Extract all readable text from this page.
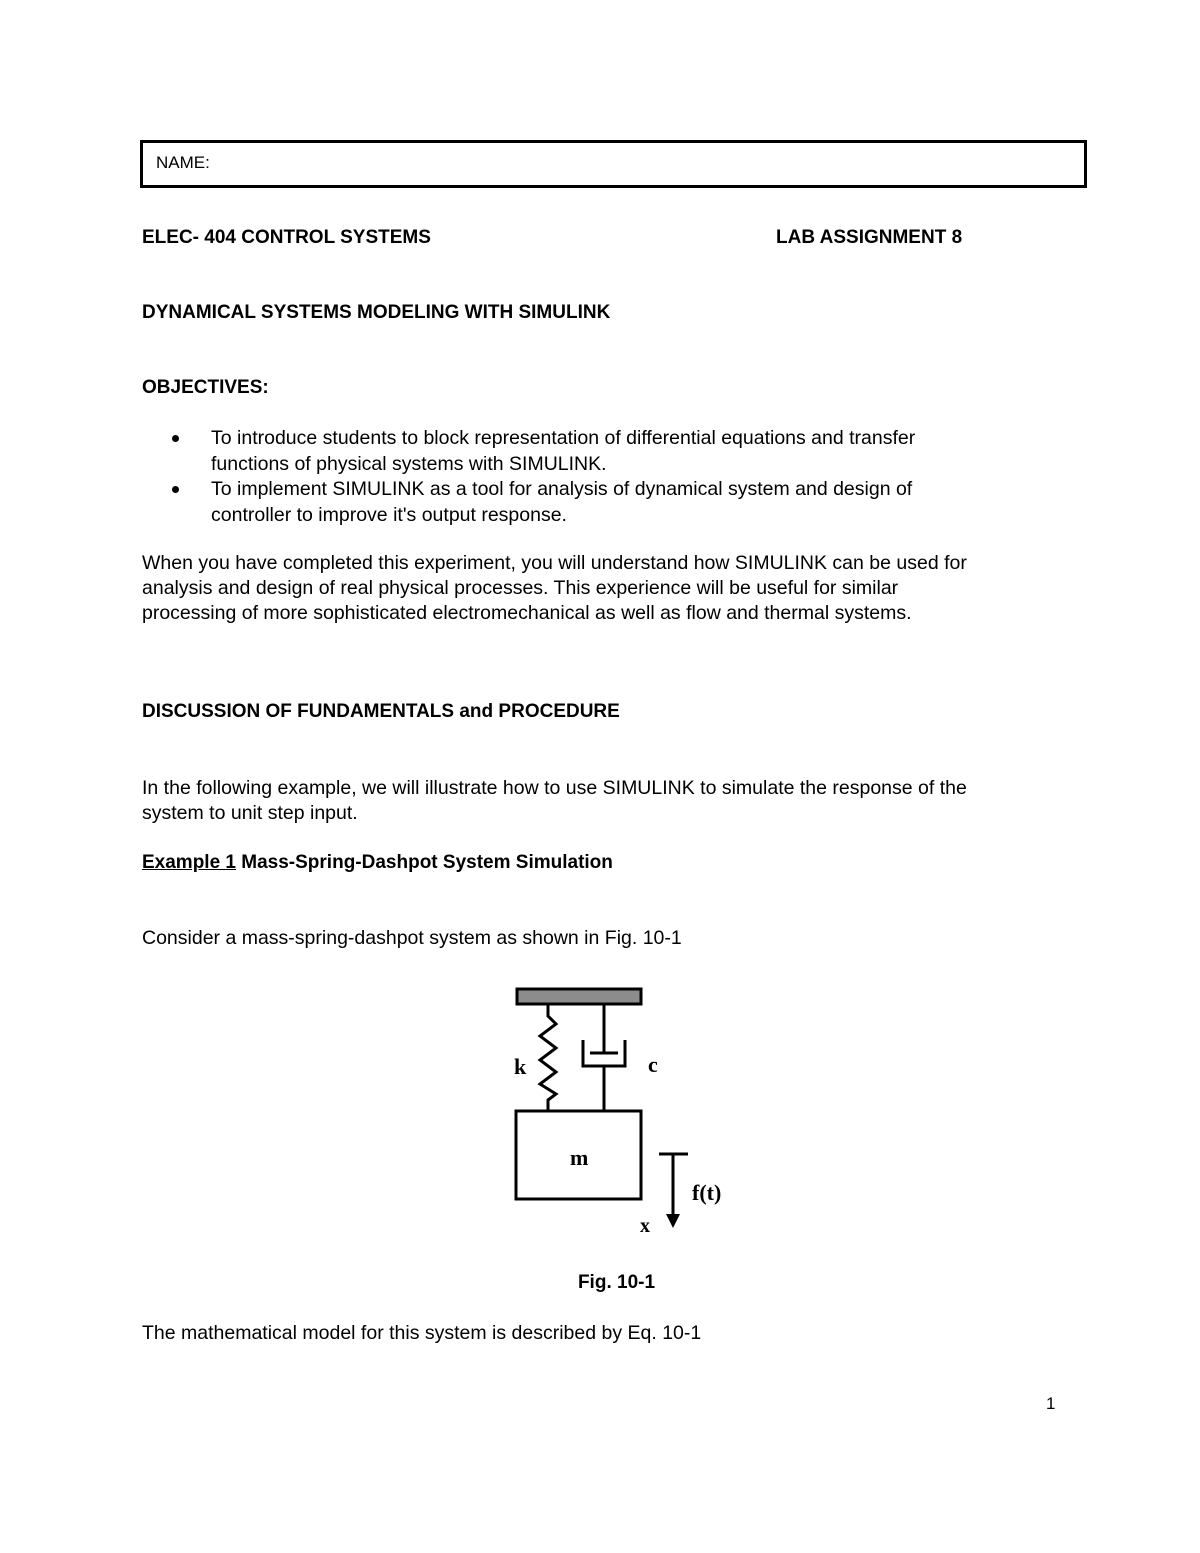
NAME:
ELEC- 404 CONTROL SYSTEMS	LAB ASSIGNMENT 8
DYNAMICAL SYSTEMS MODELING WITH SIMULINK
OBJECTIVES:
To introduce students to block representation of differential equations and transfer
functions of physical systems with SIMULINK.
To implement SIMULINK as a tool for analysis of dynamical system and design of
controller to improve it's output response.
When you have completed this experiment, you will understand how SIMULINK can be used for
analysis and design of real physical processes. This experience will be useful for similar
processing of more sophisticated electromechanical as well as flow and thermal systems.
DISCUSSION OF FUNDAMENTALS and PROCEDURE
In the following example, we will illustrate how to use SIMULINK to simulate the response of the
system to unit step input.
Example 1 Mass-Spring-Dashpot System Simulation
Consider a mass-spring-dashpot system as shown in Fig. 10-1
k	c
m
f(t)
x
Fig. 10-1
The mathematical model for this system is described by Eq. 10-1
1
